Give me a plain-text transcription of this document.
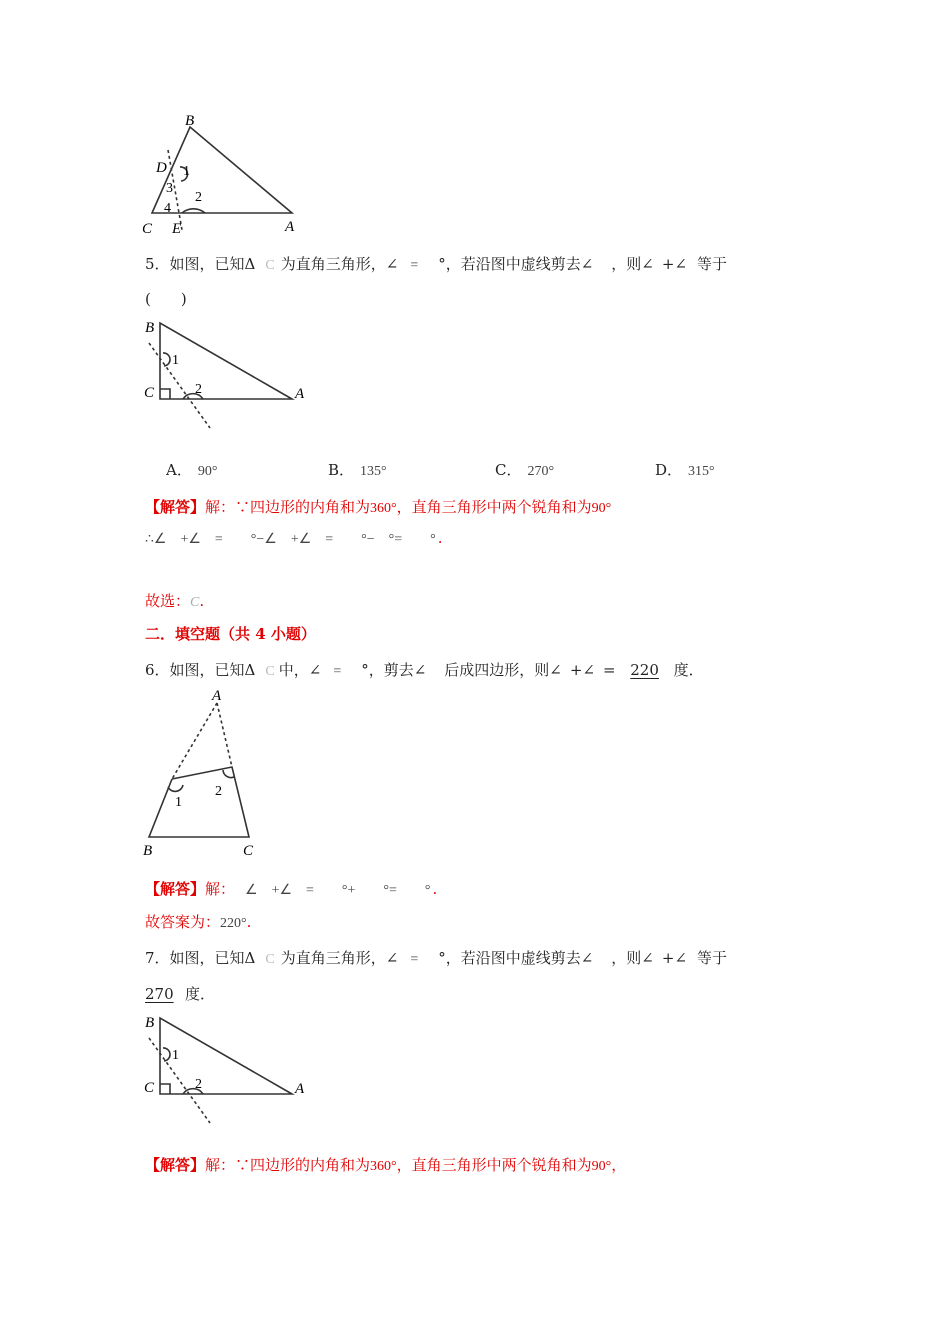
B
D 1
3
4
2
C E	A
5．如图，已知Δ C 为直角三角形，∠ = °，若沿图中虚线剪去∠ ，则∠ +∠ 等于
(　　)
B
1
C	2	A
A． 90°	B． 135°	C． 270°	D． 315°
【解答】解：∵四边形的内角和为360°，直角三角形中两个锐角和为90°
∴∠　+∠　=　　°−∠　+∠　=　　°−　°=　　° .
故选：C.
二．填空题（共 4 小题）
6．如图，已知Δ C 中，∠ = °，剪去∠ 后成四边形，则∠ +∠ = 220 度．
A
1
2
B	C
【解答】解： ∠　+∠　=　　°+　　°=　　° .
故答案为：220°.
7．如图，已知Δ C 为直角三角形，∠ = °，若沿图中虚线剪去∠ ，则∠ +∠ 等于
270 度．
B
1
C	2	A
【解答】解：∵四边形的内角和为360°，直角三角形中两个锐角和为90°，
